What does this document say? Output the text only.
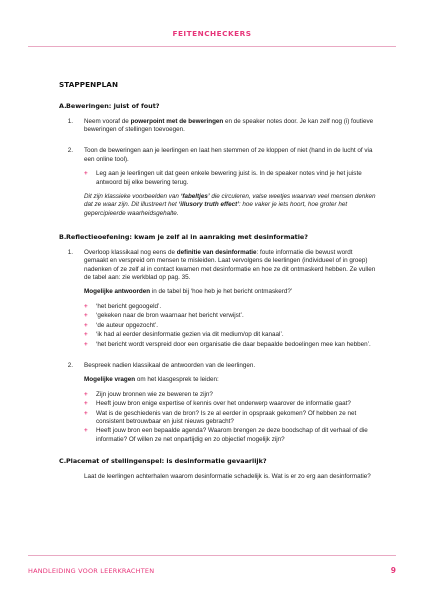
FEITENCHECKERS
STAPPENPLAN
A. Beweringen: juist of fout?
1.	Neem vooraf de powerpoint met de beweringen en de speaker notes door. Je kan zelf nog (i) foutieve beweringen of stellingen toevoegen.

2.	Toon de beweringen aan je leerlingen en laat hen stemmen of ze kloppen of niet (hand in de lucht of via een online tool).

+	Leg aan je leerlingen uit dat geen enkele bewering juist is. In de speaker notes vind je het juiste antwoord bij elke bewering terug.

Dit zijn klassieke voorbeelden van ‘fabeltjes’ die circuleren, valse weetjes waarvan veel mensen denken dat ze waar zijn. Dit illustreert het ‘illusory truth effect’: hoe vaker je iets hoort, hoe groter het gepercipieerde waarheidsgehalte.

B. Reflectieoefening: kwam je zelf al in aanraking met desinformatie?
1.	Overloop klassikaal nog eens de definitie van desinformatie: foute informatie die bewust wordt gemaakt en verspreid om mensen te misleiden. Laat vervolgens de leerlingen (individueel of in groep) nadenken of ze zelf al in contact kwamen met desinformatie en hoe ze dit ontmaskerd hebben. Ze vullen de tabel aan: zie werkblad op pag. 35.

Mogelijke antwoorden in de tabel bij ‘hoe heb je het bericht ontmaskerd?’

+	‘het bericht gegoogeld’.
+	‘gekeken naar de bron waarnaar het bericht verwijst’.
+	‘de auteur opgezocht’.
+	‘ik had al eerder desinformatie gezien via dit medium/op dit kanaal’.
+	‘het bericht wordt verspreid door een organisatie die daar bepaalde bedoelingen mee kan hebben’.
2.	Bespreek nadien klassikaal de antwoorden van de leerlingen.

Mogelijke vragen om het klasgesprek te leiden:

+	Zijn jouw bronnen wie ze beweren te zijn?
+	Heeft jouw bron enige expertise of kennis over het onderwerp waarover de informatie gaat?
+	Wat is de geschiedenis van de bron? Is ze al eerder in opspraak gekomen? Of hebben ze net consistent betrouwbaar en juist nieuws gebracht?
+	Heeft jouw bron een bepaalde agenda? Waarom brengen ze deze boodschap of dit verhaal of die informatie? Of willen ze net onpartijdig en zo objectief mogelijk zijn?
C. Placemat of stellingenspel: is desinformatie gevaarlijk?

Laat de leerlingen achterhalen waarom desinformatie schadelijk is. Wat is er zo erg aan desinformatie?

HANDLEIDING VOOR LEERKRACHTEN	9
